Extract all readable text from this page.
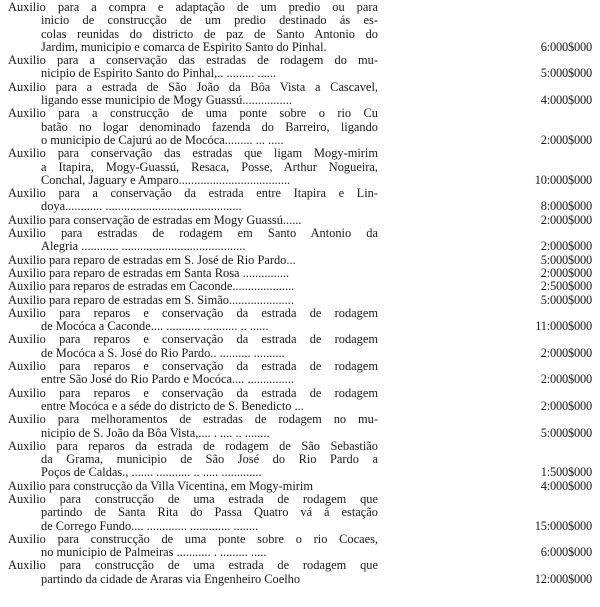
Auxilio para a compra e adaptação de um predio ou para
inicio de construcção de um predio destinado ás es-
colas reunidas do districto de paz de Santo Antonio do
Jardim, municipio e comarca de Espirito Santo do Pinhal.	6:000$000
Auxilio para a conservação das estradas de rodagem do mu-
nicipio de Espirito Santo do Pinhal,.. ......... ......	5:000$000
Auxilio para a estrada de São João da Bôa Vista a Cascavel,
ligando esse municipio de Mogy Guassú................	4:000$000
Auxilio para a construcção de uma ponte sobre o rio Cu
batão no logar denominado fazenda do Barreiro, ligando
o municipio de Cajurú ao de Mocóca......... ... .....	2:000$000
Auxilio para conservação das estradas que ligam Mogy-mirim
a Itapira, Mogy-Guassú, Resaca, Posse, Arthur Nogueira,
Conchal, Jaguary e Amparo....................................	10:000$000
Auxilio para a conservação da estrada entre Itapira e Lin-
doya............ ............................................	8:000$000
Auxilio para conservação de estradas em Mogy Guassú......	2:000$000
Auxilio para estradas de rodagem em Santo Antonio da
Alegria ............ ........................................	2:000$000
Auxilio para reparo de estradas em S. José de Rio Pardo...	5:000$000
Auxilio para reparo de estradas em Santa Rosa ...............	2:000$000
Auxilio para reparos de estradas em Caconde....................	2:500$000
Auxilio para reparo de estradas em S. Simão.....................	5:000$000
Auxilio para reparos e conservação da estrada de rodagem
de Mocóca a Caconde.... ........... ........... .. ......	11:000$000
Auxilio para reparos e conservação da estrada de rodagem
de Mocóca a S. José do Rio Pardo.. .......... ..........	2:000$000
Auxilio para reparos e conservação da estrada de rodagem
entre São José do Rio Pardo e Mocóca.... ...............	2:000$000
Auxilio para reparos e conservação da estrada de rodagem
entre Mocóca e a séde do districto de S. Benedicto ...	2:000$000
Auxilio para melhoramentos de estradas de rodagem no mu-
nicipio de S. João da Bôa Vista,.... . .... .. ........	5:000$000
Auxilio para reparos da estrada de rodagem de São Sebastião
da Grama, municipio de São José do Rio Pardo a
Poços de Caldas., ....... ........... .. ..... .............	1:500$000
Auxilio para construcção da Villa Vicentina, em Mogy-mirim	4:000$000
Auxilio para construcção de uma estrada de rodagem que
partindo de Santa Rita do Passa Quatro vá á estação
de Corrego Fundo.... ............. ............. ........	15:000$000
Auxilio para construcção de uma ponte sobre o rio Cocaes,
no municipio de Palmeiras ........... . ......... .....	6:000$000
Auxilio para construcção de uma estrada de rodagem que
partindo da cidade de Araras via Engenheiro Coelho	12:000$000
